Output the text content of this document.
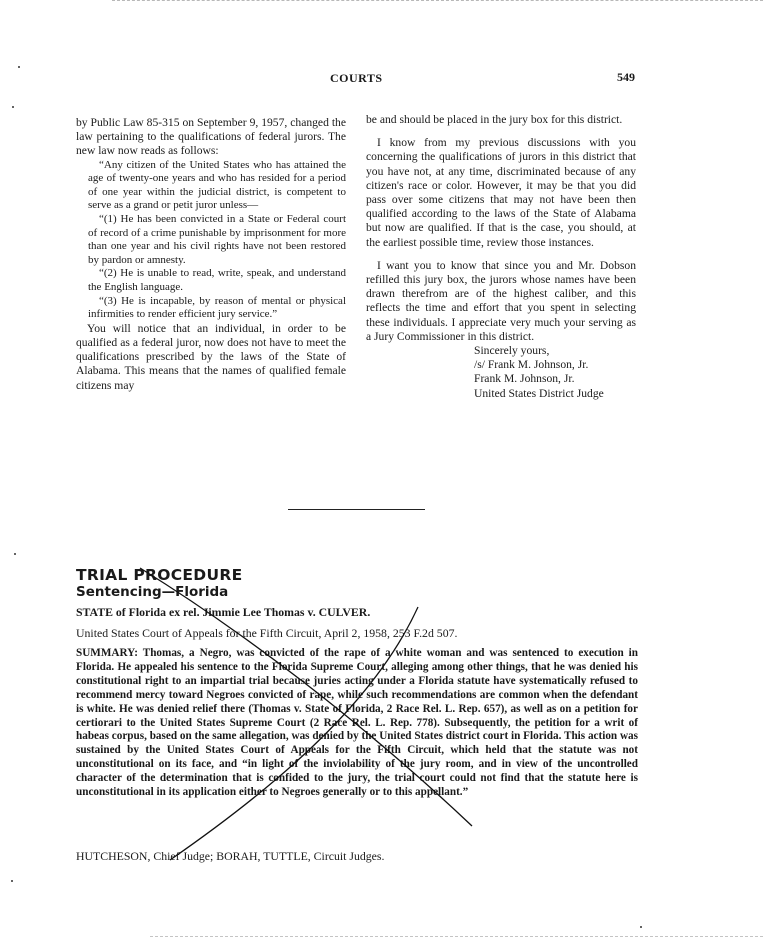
COURTS	549

by Public Law 85-315 on September 9, 1957, changed the law pertaining to the qualifications of federal jurors. The new law now reads as follows:

“Any citizen of the United States who has attained the age of twenty-one years and who has resided for a period of one year within the judicial district, is competent to serve as a grand or petit juror unless—

“(1) He has been convicted in a State or Federal court of record of a crime punishable by imprisonment for more than one year and his civil rights have not been restored by pardon or amnesty.

“(2) He is unable to read, write, speak, and understand the English language.

“(3) He is incapable, by reason of mental or physical infirmities to render efficient jury service.”

You will notice that an individual, in order to be qualified as a federal juror, now does not have to meet the qualifications prescribed by the laws of the State of Alabama. This means that the names of qualified female citizens may

be and should be placed in the jury box for this district.

I know from my previous discussions with you concerning the qualifications of jurors in this district that you have not, at any time, discriminated because of any citizen's race or color. However, it may be that you did pass over some citizens that may not have been then qualified according to the laws of the State of Alabama but now are qualified. If that is the case, you should, at the earliest possible time, review those instances.

I want you to know that since you and Mr. Dobson refilled this jury box, the jurors whose names have been drawn therefrom are of the highest caliber, and this reflects the time and effort that you spent in selecting these individuals. I appreciate very much your serving as a Jury Commissioner in this district.

Sincerely yours,
/s/ Frank M. Johnson, Jr.
Frank M. Johnson, Jr.
United States District Judge
TRIAL PROCEDURE
Sentencing—Florida
STATE of Florida ex rel. Jimmie Lee Thomas v. CULVER.
United States Court of Appeals for the Fifth Circuit, April 2, 1958, 253 F.2d 507.

SUMMARY: Thomas, a Negro, was convicted of the rape of a white woman and was sentenced to execution in Florida. He appealed his sentence to the Florida Supreme Court, alleging among other things, that he was denied his constitutional right to an impartial trial because juries acting under a Florida statute have systematically refused to recommend mercy toward Negroes convicted of rape, while such recommendations are common when the defendant is white. He was denied relief there (Thomas v. State of Florida, 2 Race Rel. L. Rep. 657), as well as on a petition for certiorari to the United States Supreme Court (2 Race Rel. L. Rep. 778). Subsequently, the petition for a writ of habeas corpus, based on the same allegation, was denied by the United States district court in Florida. This action was sustained by the United States Court of Appeals for the Fifth Circuit, which held that the statute was not unconstitutional on its face, and “in light of the inviolability of the jury room, and in view of the uncontrolled character of the determination that is confided to the jury, the trial court could not find that the statute here is unconstitutional in its application either to Negroes generally or to this appellant.”

HUTCHESON, Chief Judge; BORAH, TUTTLE, Circuit Judges.
